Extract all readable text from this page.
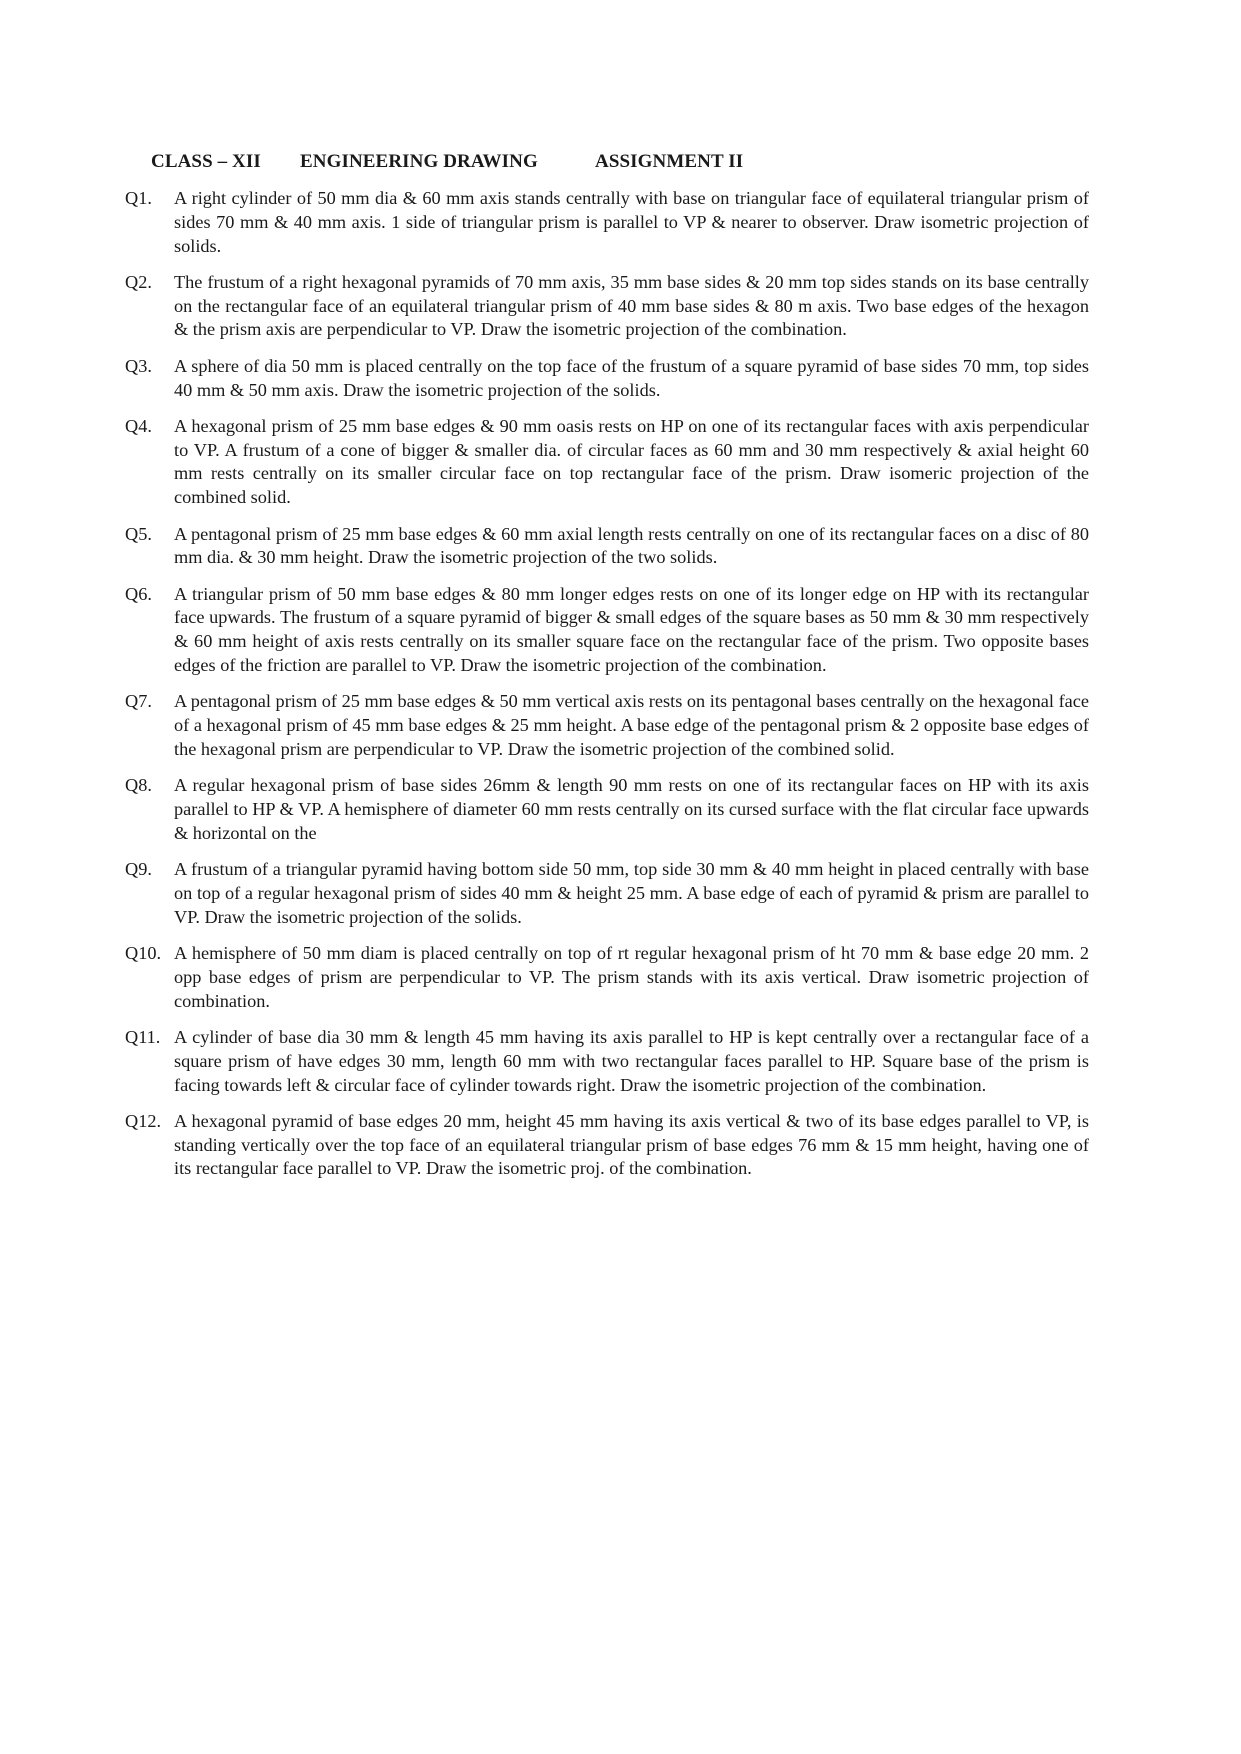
CLASS – XII ENGINEERING DRAWING	ASSIGNMENT II
Q1.	A right cylinder of 50 mm dia & 60 mm axis stands centrally with base on triangular face of equilateral triangular prism of sides 70 mm & 40 mm axis. 1 side of triangular prism is parallel to VP & nearer to observer. Draw isometric projection of solids.
Q2.	The frustum of a right hexagonal pyramids of 70 mm axis, 35 mm base sides & 20 mm top sides stands on its base centrally on the rectangular face of an equilateral triangular prism of 40 mm base sides & 80 m axis. Two base edges of the hexagon & the prism axis are perpendicular to VP. Draw the isometric projection of the combination.
Q3.	A sphere of dia 50 mm is placed centrally on the top face of the frustum of a square pyramid of base sides 70 mm, top sides 40 mm & 50 mm axis. Draw the isometric projection of the solids.
Q4.	A hexagonal prism of 25 mm base edges & 90 mm oasis rests on HP on one of its rectangular faces with axis perpendicular to VP. A frustum of a cone of bigger & smaller dia. of circular faces as 60 mm and 30 mm respectively & axial height 60 mm rests centrally on its smaller circular face on top rectangular face of the prism. Draw isomeric projection of the combined solid.
Q5.	A pentagonal prism of 25 mm base edges & 60 mm axial length rests centrally on one of its rectangular faces on a disc of 80 mm dia. & 30 mm height. Draw the isometric projection of the two solids.
Q6.	A triangular prism of 50 mm base edges & 80 mm longer edges rests on one of its longer edge on HP with its rectangular face upwards. The frustum of a square pyramid of bigger & small edges of the square bases as 50 mm & 30 mm respectively & 60 mm height of axis rests centrally on its smaller square face on the rectangular face of the prism. Two opposite bases edges of the friction are parallel to VP. Draw the isometric projection of the combination.
Q7.	A pentagonal prism of 25 mm base edges & 50 mm vertical axis rests on its pentagonal bases centrally on the hexagonal face of a hexagonal prism of 45 mm base edges & 25 mm height. A base edge of the pentagonal prism & 2 opposite base edges of the hexagonal prism are perpendicular to VP. Draw the isometric projection of the combined solid.
Q8.	A regular hexagonal prism of base sides 26mm & length 90 mm rests on one of its rectangular faces on HP with its axis parallel to HP & VP. A hemisphere of diameter 60 mm rests centrally on its cursed surface with the flat circular face upwards & horizontal on the
Q9.	A frustum of a triangular pyramid having bottom side 50 mm, top side 30 mm & 40 mm height in placed centrally with base on top of a regular hexagonal prism of sides 40 mm & height 25 mm. A base edge of each of pyramid & prism are parallel to VP. Draw the isometric projection of the solids.
Q10. A hemisphere of 50 mm diam is placed centrally on top of rt regular hexagonal prism of ht 70 mm & base edge 20 mm. 2 opp base edges of prism are perpendicular to VP. The prism stands with its axis vertical. Draw isometric projection of combination.
Q11. A cylinder of base dia 30 mm & length 45 mm having its axis parallel to HP is kept centrally over a rectangular face of a square prism of have edges 30 mm, length 60 mm with two rectangular faces parallel to HP. Square base of the prism is facing towards left & circular face of cylinder towards right. Draw the isometric projection of the combination.
Q12. A hexagonal pyramid of base edges 20 mm, height 45 mm having its axis vertical & two of its base edges parallel to VP, is standing vertically over the top face of an equilateral triangular prism of base edges 76 mm & 15 mm height, having one of its rectangular face parallel to VP. Draw the isometric proj. of the combination.
